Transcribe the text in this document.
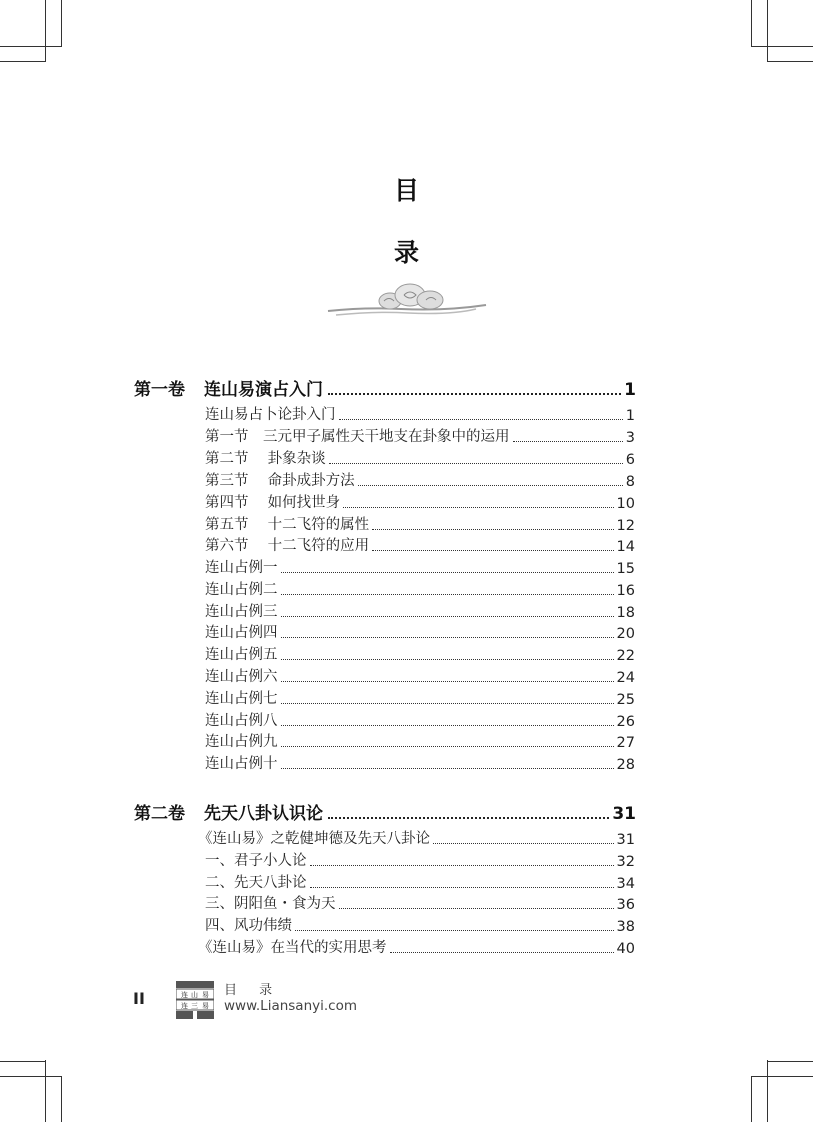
目
录
第一卷	连山易演占入门	1
连山易占卜论卦入门	1
第一节　三元甲子属性天干地支在卦象中的运用	3
第二节　 卦象杂谈	6
第三节　 命卦成卦方法	8
第四节　 如何找世身	10
第五节　 十二飞符的属性	12
第六节　 十二飞符的应用	14
连山占例一	15
连山占例二	16
连山占例三	18
连山占例四	20
连山占例五	22
连山占例六	24
连山占例七	25
连山占例八	26
连山占例九	27
连山占例十	28
第二卷	先天八卦认识论	31
《连山易》之乾健坤德及先天八卦论	31
一、君子小人论	32
二、先天八卦论	34
三、阴阳鱼・食为天	36
四、风功伟绩	38
《连山易》在当代的实用思考	40
II	连 山 易
连 三 易
目 录
www.Liansanyi.com
